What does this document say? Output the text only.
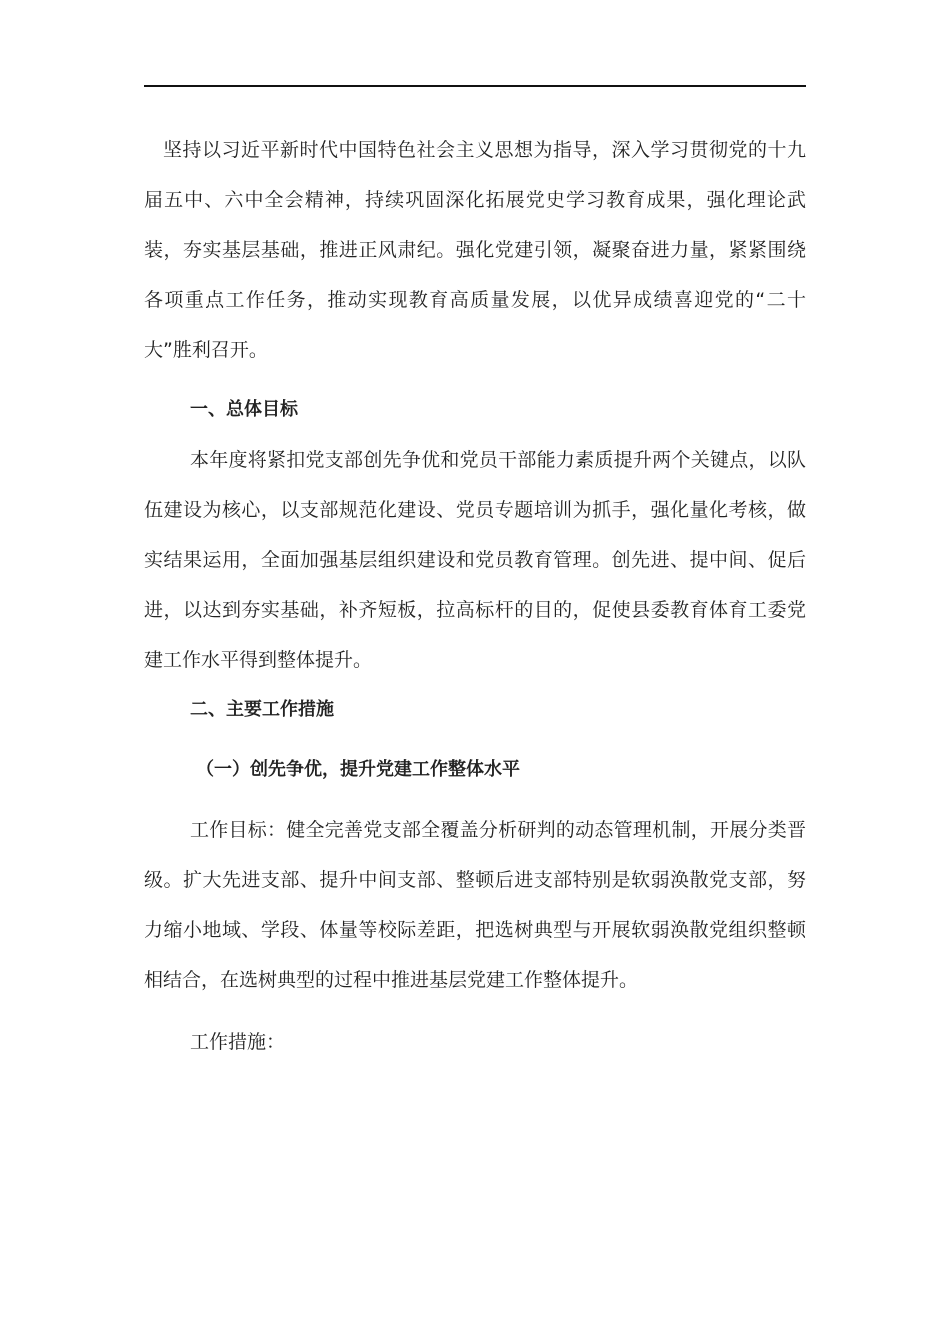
坚持以习近平新时代中国特色社会主义思想为指导，深入学习贯彻党的十九届五中、六中全会精神，持续巩固深化拓展党史学习教育成果，强化理论武装，夯实基层基础，推进正风肃纪。强化党建引领，凝聚奋进力量，紧紧围绕各项重点工作任务，推动实现教育高质量发展，以优异成绩喜迎党的“二十大”胜利召开。

一、总体目标

本年度将紧扣党支部创先争优和党员干部能力素质提升两个关键点，以队伍建设为核心，以支部规范化建设、党员专题培训为抓手，强化量化考核，做实结果运用，全面加强基层组织建设和党员教育管理。创先进、提中间、促后进，以达到夯实基础，补齐短板，拉高标杆的目的，促使县委教育体育工委党建工作水平得到整体提升。

二、主要工作措施

（一）创先争优，提升党建工作整体水平

工作目标：健全完善党支部全覆盖分析研判的动态管理机制，开展分类晋级。扩大先进支部、提升中间支部、整顿后进支部特别是软弱涣散党支部，努力缩小地域、学段、体量等校际差距，把选树典型与开展软弱涣散党组织整顿相结合，在选树典型的过程中推进基层党建工作整体提升。

工作措施：
